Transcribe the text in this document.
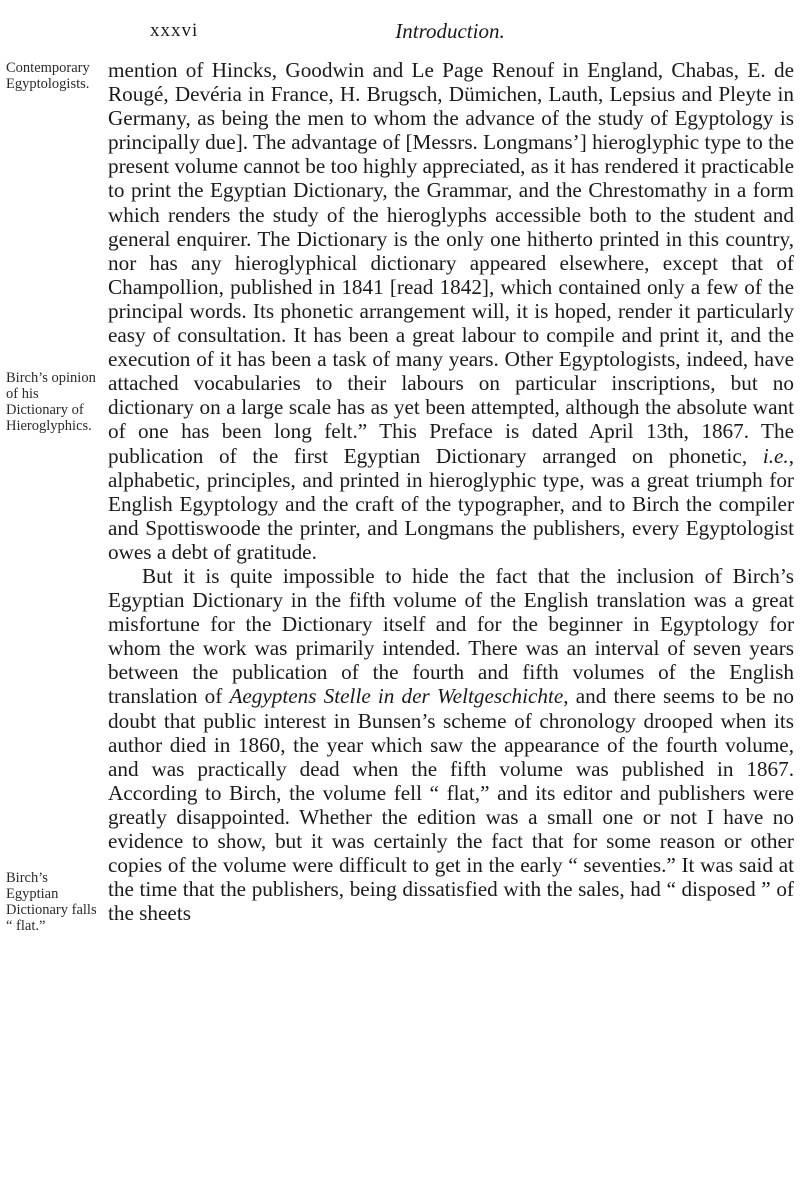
xxxvi	Introduction.
Contemporary Egyptologists.
Birch’s opinion of his Dictionary of Hieroglyphics.
Birch’s Egyptian Dictionary falls “ flat.”

mention of Hincks, Goodwin and Le Page Renouf in England, Chabas, E. de Rougé, Devéria in France, H. Brugsch, Dümichen, Lauth, Lepsius and Pleyte in Germany, as being the men to whom the advance of the study of Egyptology is principally due]. The advantage of [Messrs. Longmans’] hieroglyphic type to the present volume cannot be too highly appreciated, as it has rendered it practicable to print the Egyptian Dictionary, the Grammar, and the Chrestomathy in a form which renders the study of the hieroglyphs accessible both to the student and general enquirer. The Dictionary is the only one hitherto printed in this country, nor has any hieroglyphical dictionary appeared elsewhere, except that of Champollion, published in 1841 [read 1842], which contained only a few of the principal words. Its phonetic arrangement will, it is hoped, render it particularly easy of consultation. It has been a great labour to compile and print it, and the execution of it has been a task of many years. Other Egyptologists, indeed, have attached vocabularies to their labours on particular inscriptions, but no dictionary on a large scale has as yet been attempted, although the absolute want of one has been long felt.” This Preface is dated April 13th, 1867. The publication of the first Egyptian Dictionary arranged on phonetic, i.e., alphabetic, principles, and printed in hieroglyphic type, was a great triumph for English Egyptology and the craft of the typographer, and to Birch the compiler and Spottiswoode the printer, and Longmans the publishers, every Egyptologist owes a debt of gratitude.

But it is quite impossible to hide the fact that the inclusion of Birch’s Egyptian Dictionary in the fifth volume of the English translation was a great misfortune for the Dictionary itself and for the beginner in Egyptology for whom the work was primarily intended. There was an interval of seven years between the publication of the fourth and fifth volumes of the English translation of Aegyptens Stelle in der Weltgeschichte, and there seems to be no doubt that public interest in Bunsen’s scheme of chronology drooped when its author died in 1860, the year which saw the appearance of the fourth volume, and was practically dead when the fifth volume was published in 1867. According to Birch, the volume fell “ flat,” and its editor and publishers were greatly disappointed. Whether the edition was a small one or not I have no evidence to show, but it was certainly the fact that for some reason or other copies of the volume were difficult to get in the early “ seventies.” It was said at the time that the publishers, being dissatisfied with the sales, had “ disposed ” of the sheets
